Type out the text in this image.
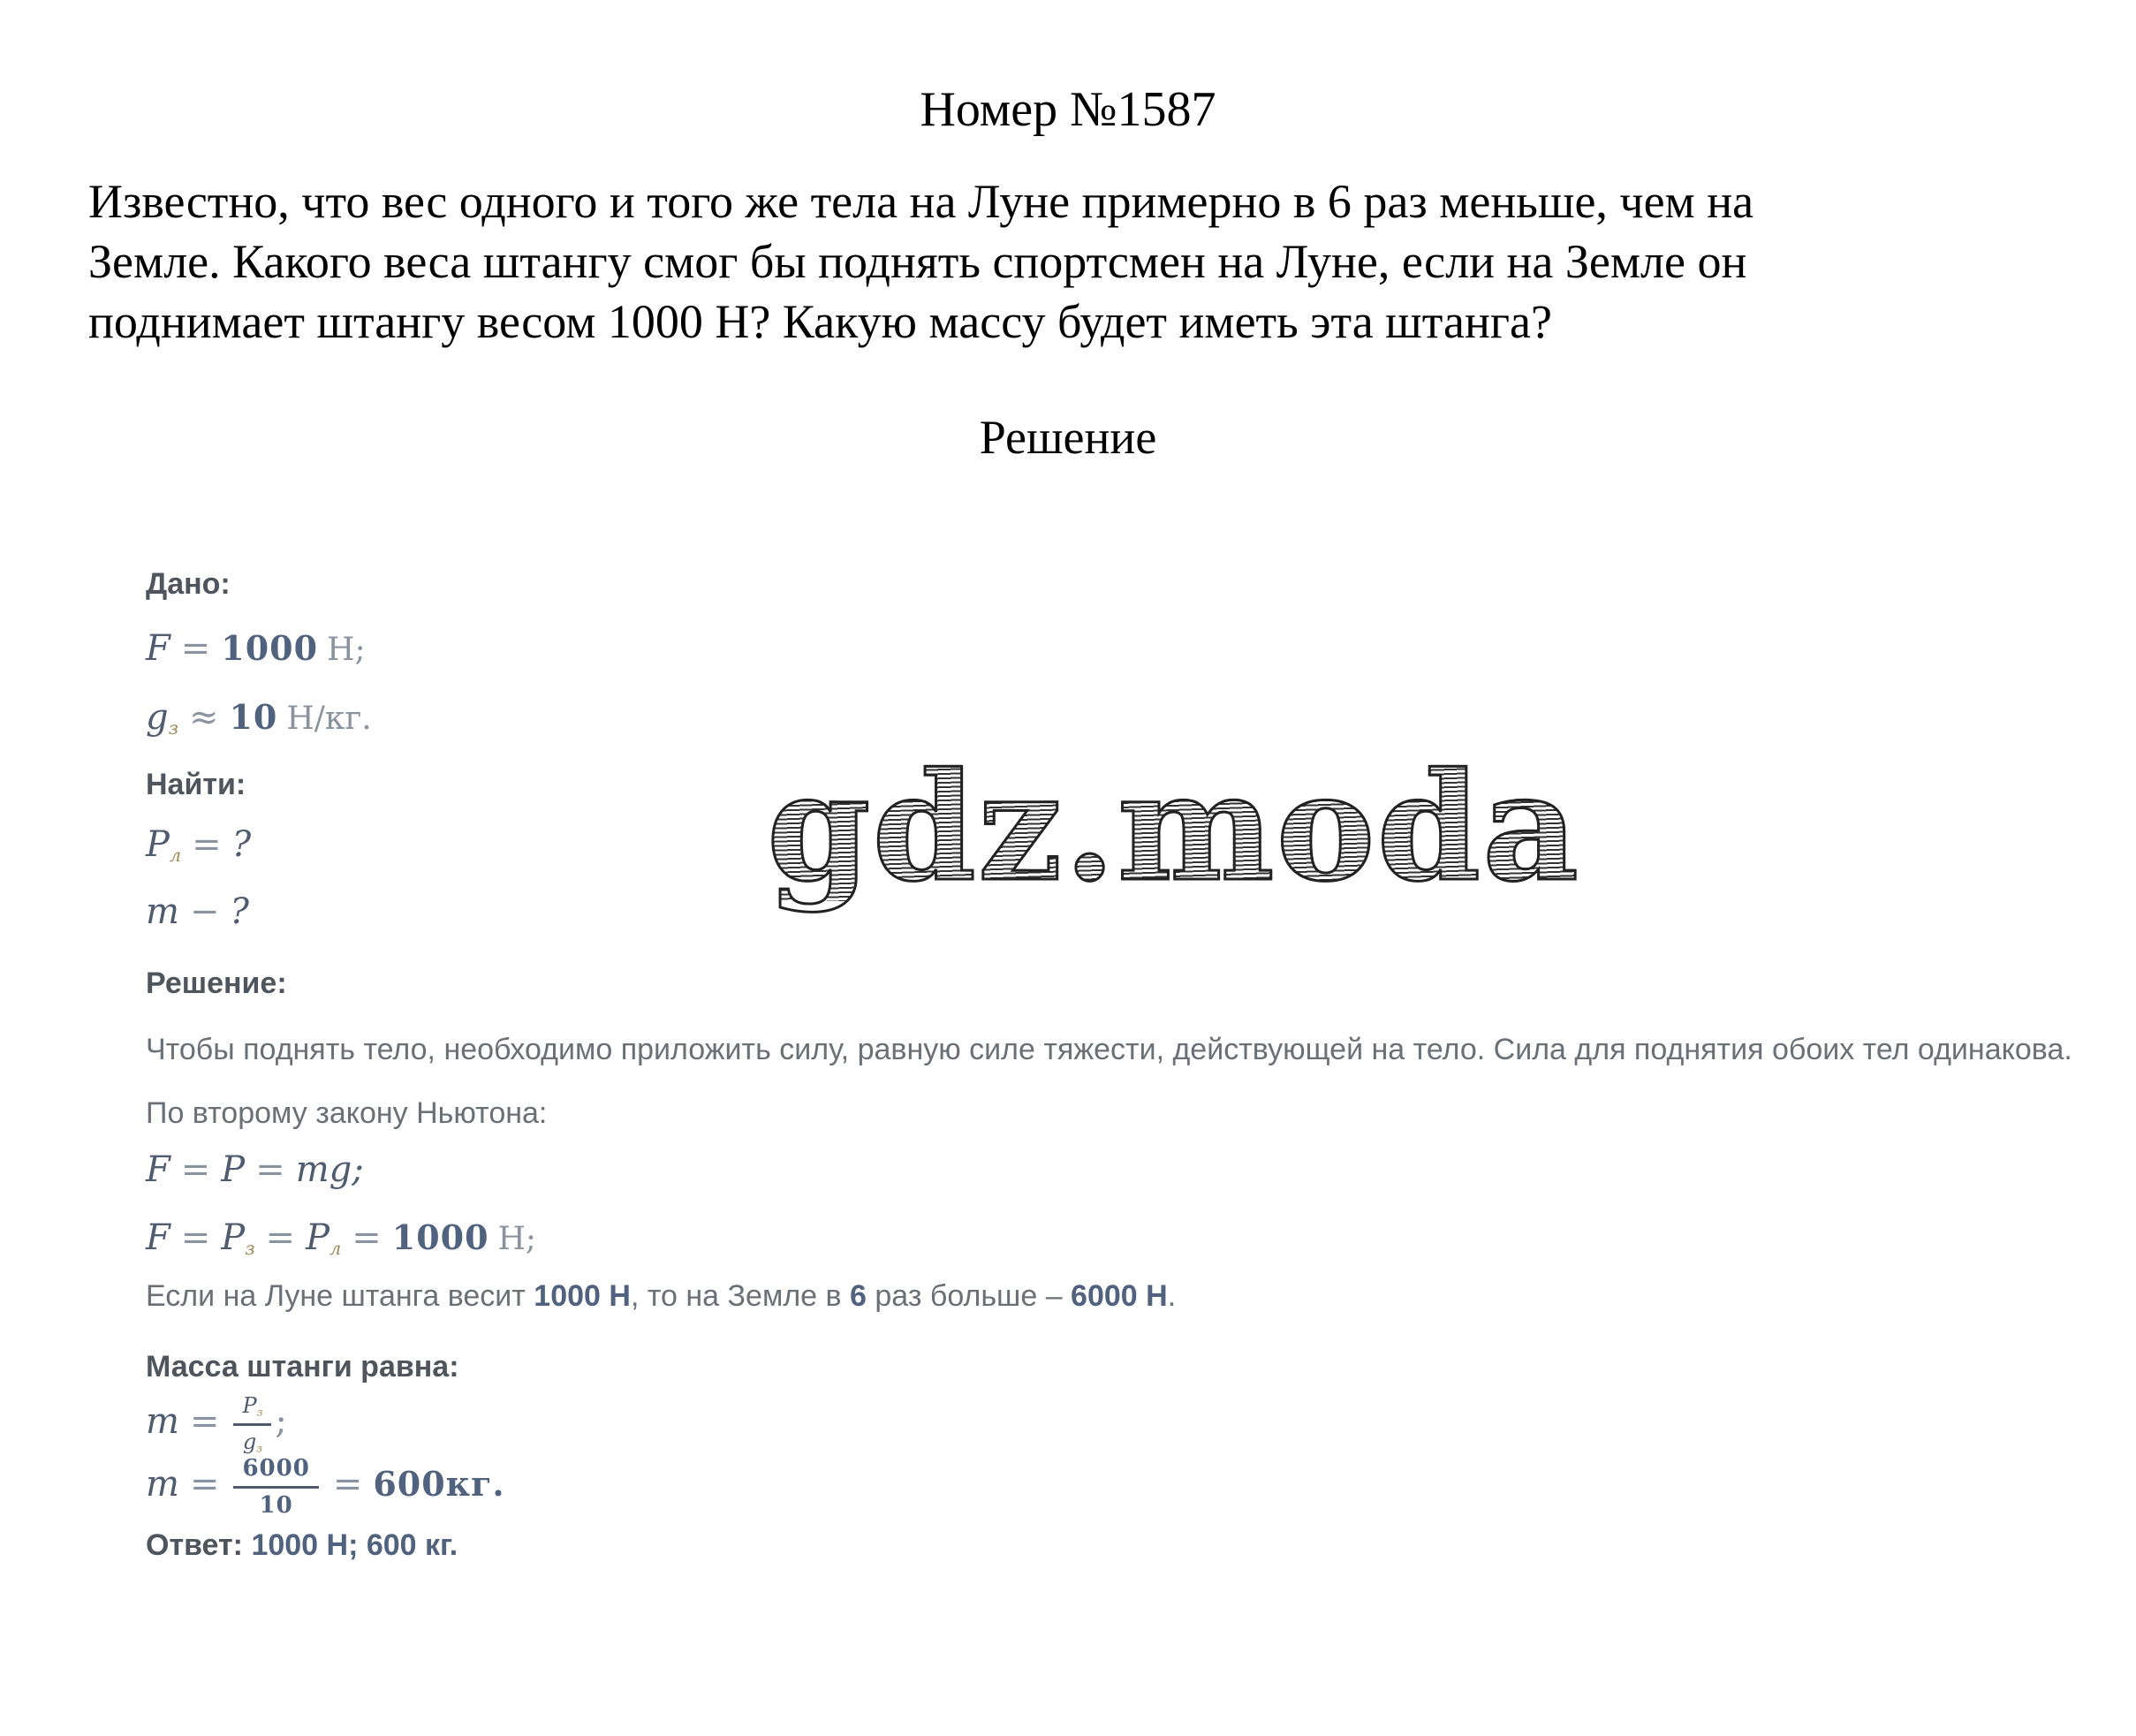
Номер №1587
Известно, что вес одного и того же тела на Луне примерно в 6 раз меньше, чем на
Земле. Какого веса штангу смог бы поднять спортсмен на Луне, если на Земле он
поднимает штангу весом 1000 Н? Какую массу будет иметь эта штанга?
Решение
Дано:
F = 1000 Н;
gз ≈ 10 Н/кг.
Найти:
Pл = ?
m − ?
Решение:
Чтобы поднять тело, необходимо приложить силу, равную силе тяжести, действующей на тело. Сила для поднятия обоих тел одинакова. По второму закону Ньютона:
F = P = mg;
F = Pз = Pл = 1000 Н;
Если на Луне штанга весит 1000 Н, то на Земле в 6 раз больше – 6000 Н.
Масса штанги равна:
$m = \frac{Pз}{gз}$ ;
$m = \frac{6000}{10} = 600кг$.
Ответ: 1000 Н; 600 кг.
gdz.moda
